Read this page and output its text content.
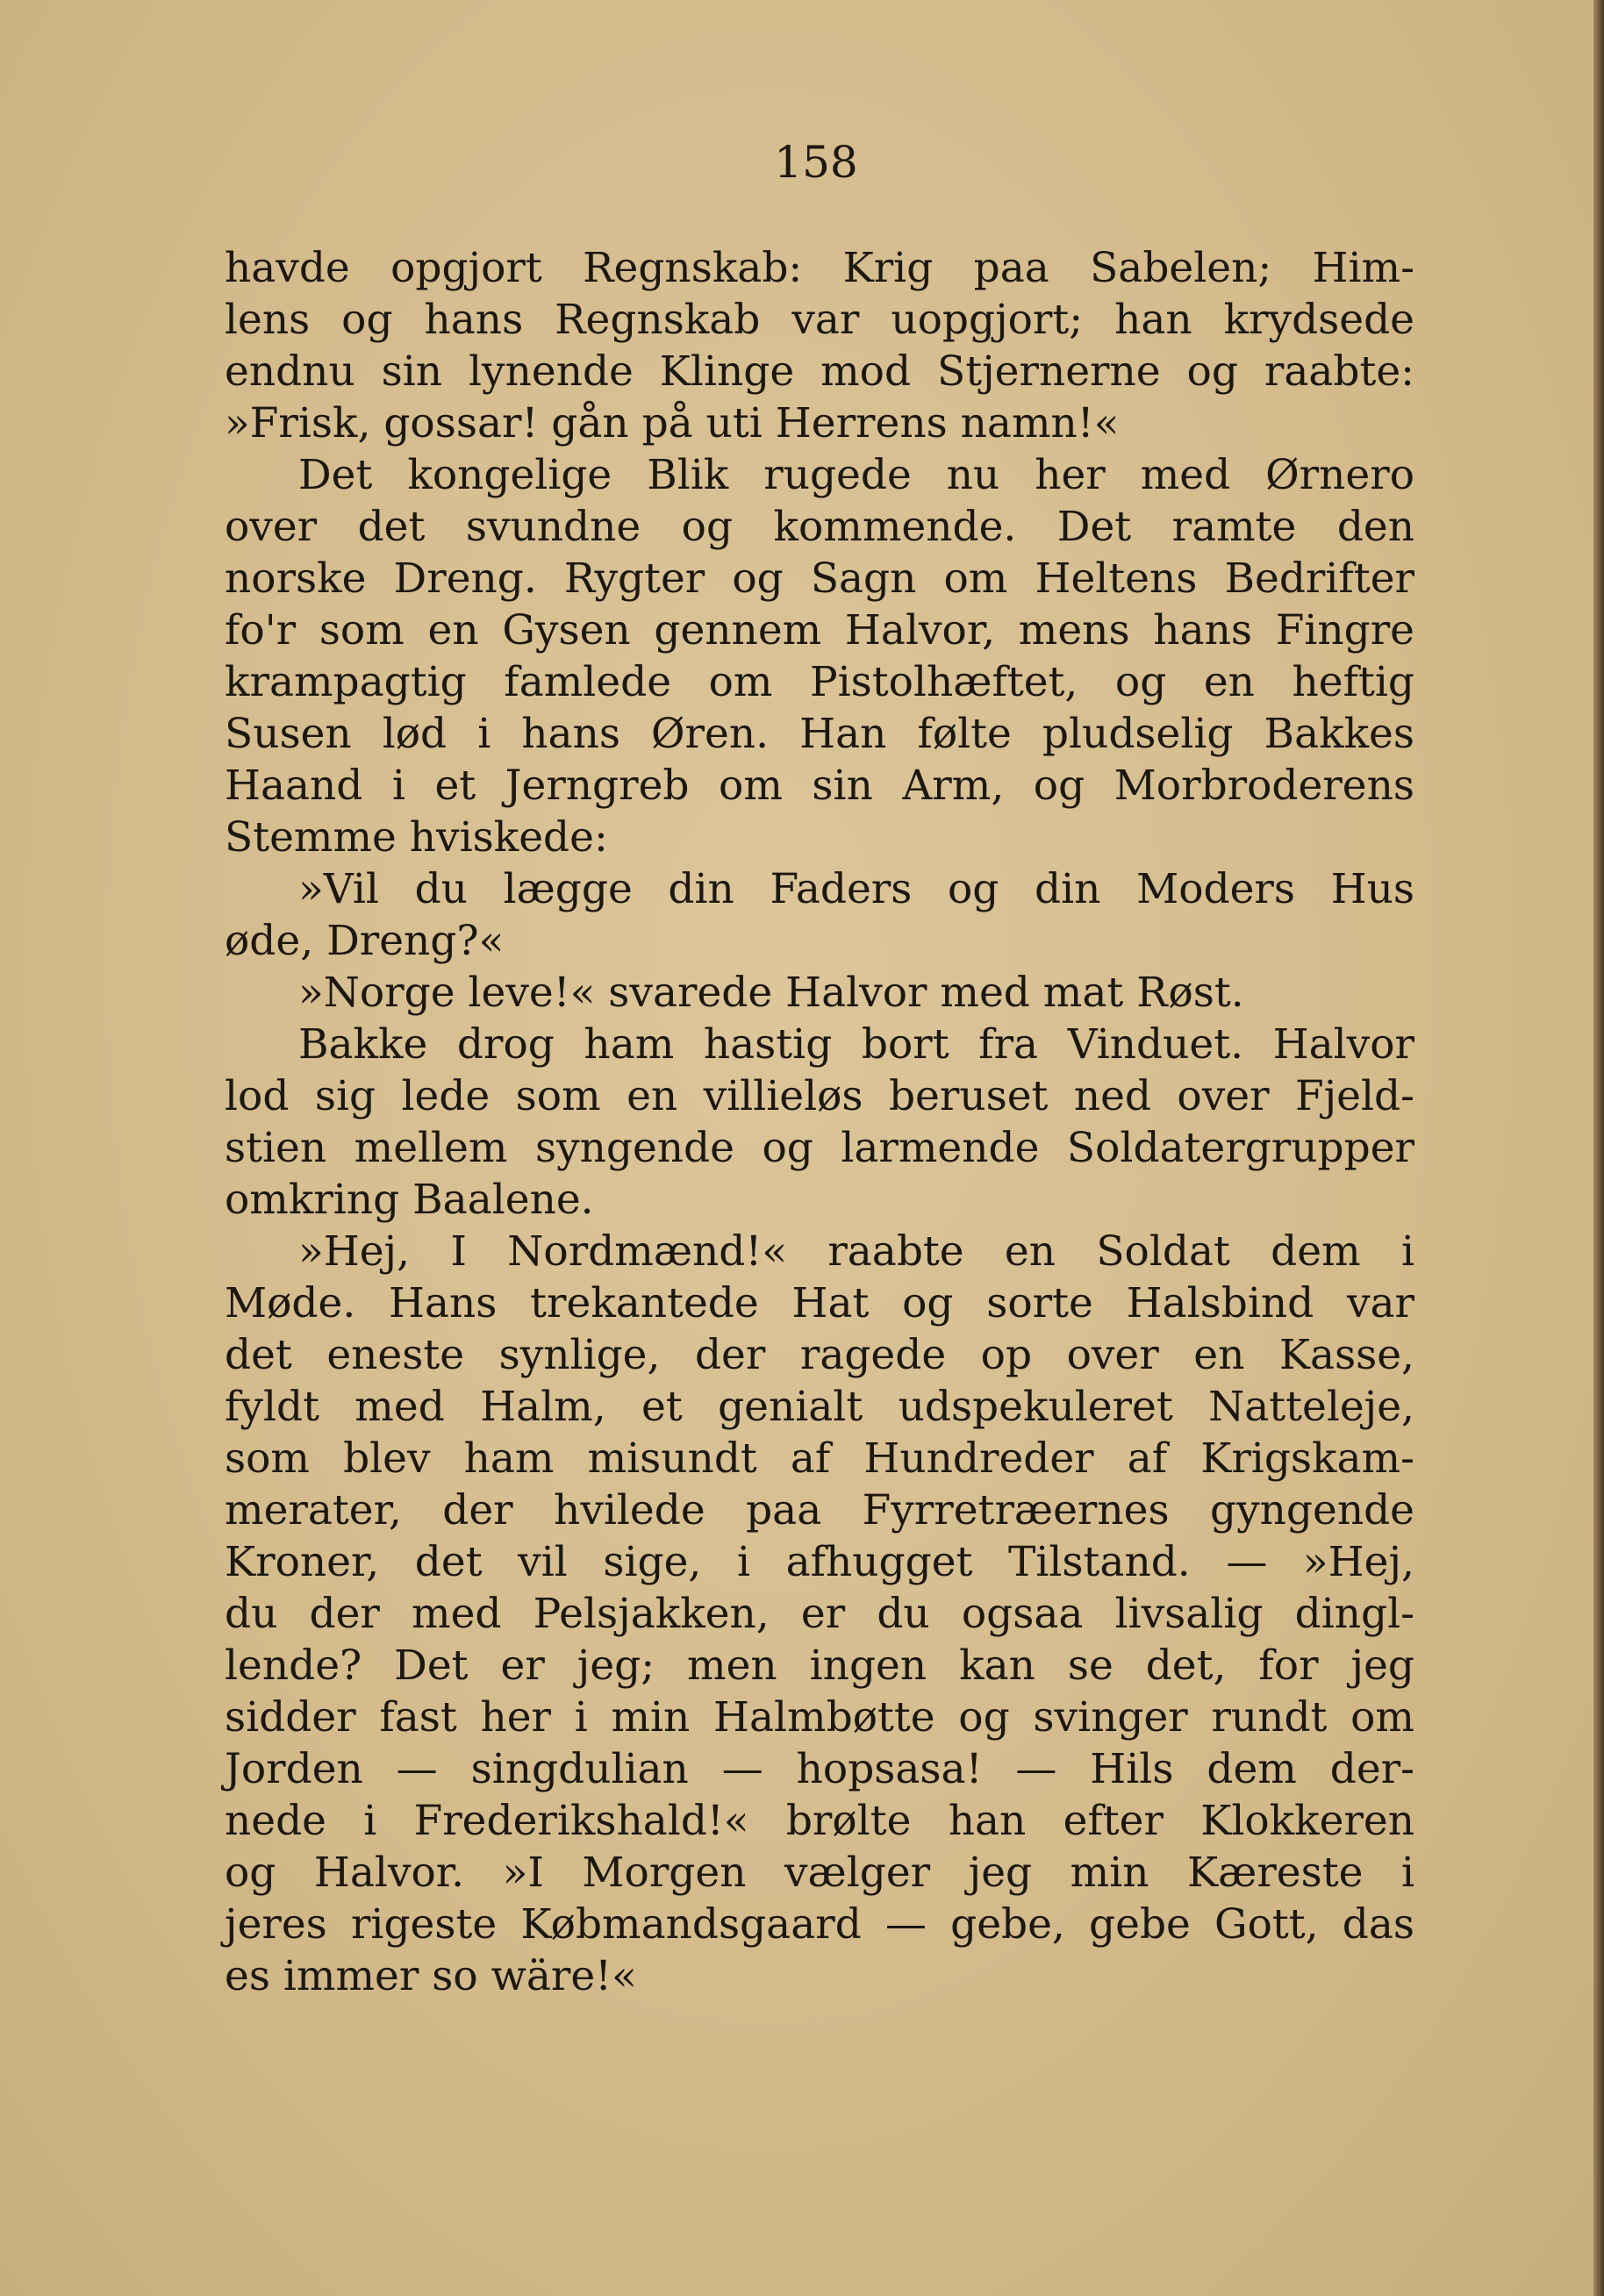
158
havde opgjort Regnskab: Krig paa Sabelen; Him-
lens og hans Regnskab var uopgjort; han krydsede
endnu sin lynende Klinge mod Stjernerne og raabte:
»Frisk, gossar! gån på uti Herrens namn!«
Det kongelige Blik rugede nu her med Ørnero
over det svundne og kommende. Det ramte den
norske Dreng. Rygter og Sagn om Heltens Bedrifter
fo'r som en Gysen gennem Halvor, mens hans Fingre
krampagtig famlede om Pistolhæftet, og en heftig
Susen lød i hans Øren. Han følte pludselig Bakkes
Haand i et Jerngreb om sin Arm, og Morbroderens
Stemme hviskede:
»Vil du lægge din Faders og din Moders Hus
øde, Dreng?«
»Norge leve!« svarede Halvor med mat Røst.
Bakke drog ham hastig bort fra Vinduet. Halvor
lod sig lede som en villieløs beruset ned over Fjeld-
stien mellem syngende og larmende Soldatergrupper
omkring Baalene.
»Hej, I Nordmænd!« raabte en Soldat dem i
Møde. Hans trekantede Hat og sorte Halsbind var
det eneste synlige, der ragede op over en Kasse,
fyldt med Halm, et genialt udspekuleret Natteleje,
som blev ham misundt af Hundreder af Krigskam-
merater, der hvilede paa Fyrretræernes gyngende
Kroner, det vil sige, i afhugget Tilstand. — »Hej,
du der med Pelsjakken, er du ogsaa livsalig dingl-
lende? Det er jeg; men ingen kan se det, for jeg
sidder fast her i min Halmbøtte og svinger rundt om
Jorden — singdulian — hopsasa! — Hils dem der-
nede i Frederikshald!« brølte han efter Klokkeren
og Halvor. »I Morgen vælger jeg min Kæreste i
jeres rigeste Købmandsgaard — gebe, gebe Gott, das
es immer so wäre!«
